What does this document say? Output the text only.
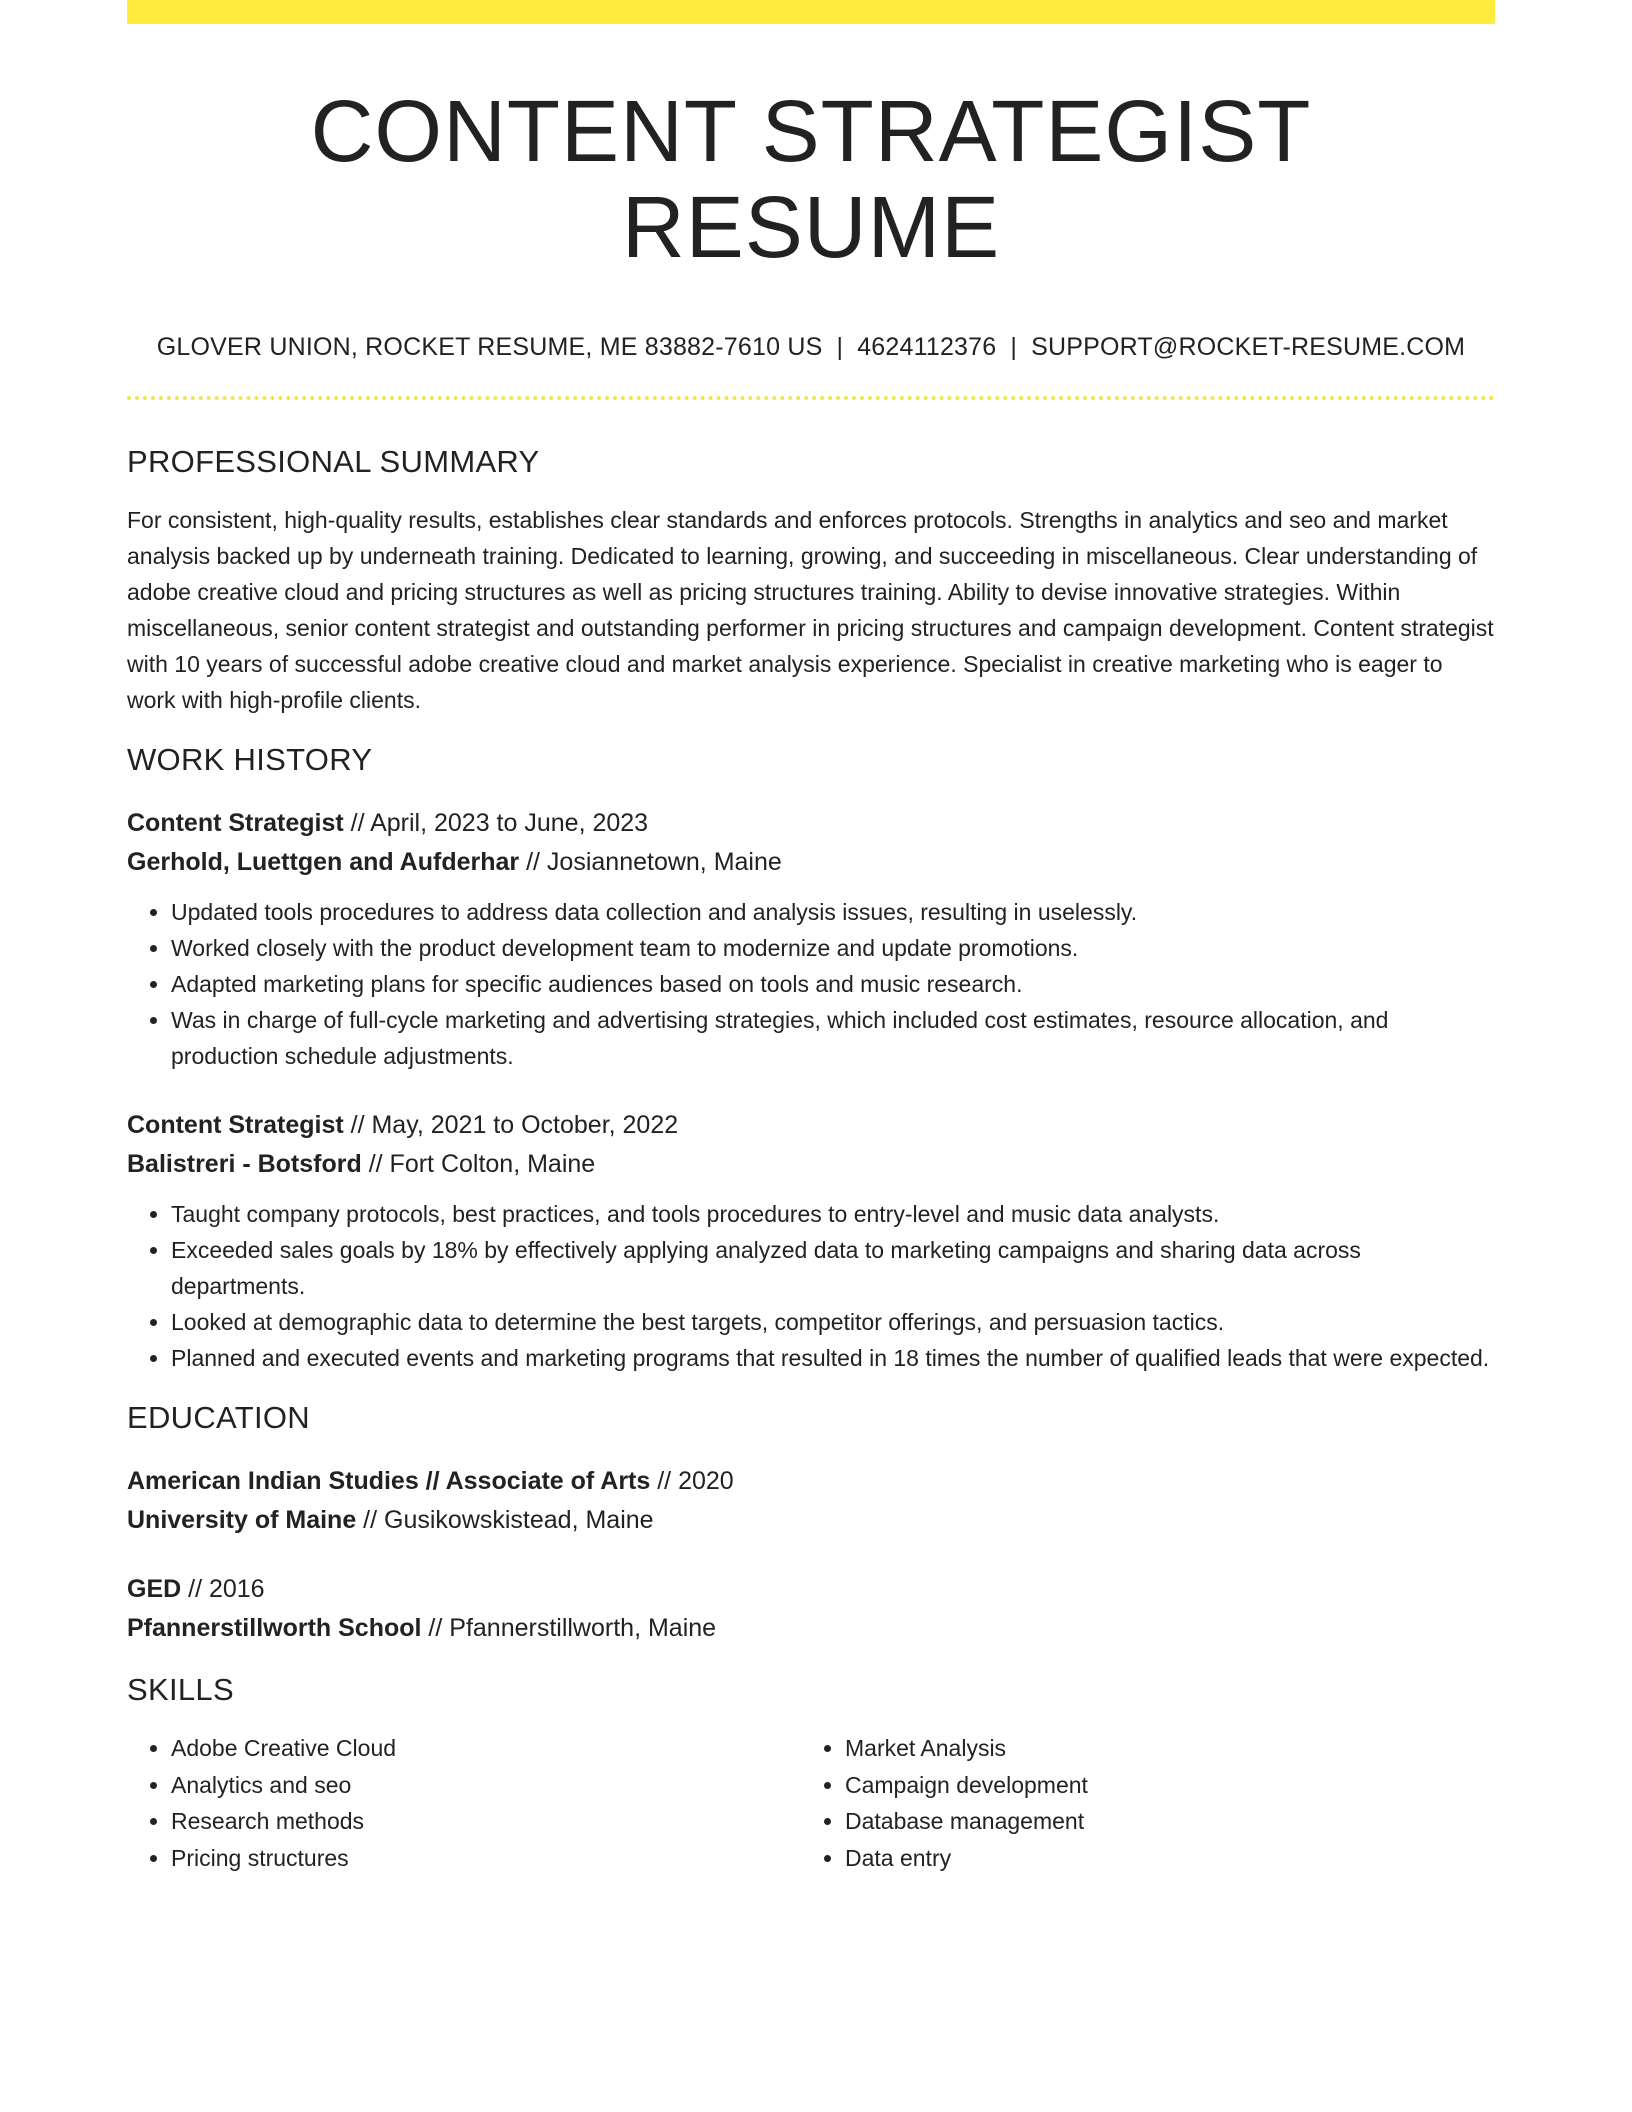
CONTENT STRATEGIST RESUME
GLOVER UNION, ROCKET RESUME, ME 83882-7610 US | 4624112376 | SUPPORT@ROCKET-RESUME.COM
PROFESSIONAL SUMMARY

For consistent, high-quality results, establishes clear standards and enforces protocols. Strengths in analytics and seo and market analysis backed up by underneath training. Dedicated to learning, growing, and succeeding in miscellaneous. Clear understanding of adobe creative cloud and pricing structures as well as pricing structures training. Ability to devise innovative strategies. Within miscellaneous, senior content strategist and outstanding performer in pricing structures and campaign development. Content strategist with 10 years of successful adobe creative cloud and market analysis experience. Specialist in creative marketing who is eager to work with high-profile clients.

WORK HISTORY
Content Strategist // April, 2023 to June, 2023
Gerhold, Luettgen and Aufderhar // Josiannetown, Maine
• Updated tools procedures to address data collection and analysis issues, resulting in uselessly.
• Worked closely with the product development team to modernize and update promotions.
• Adapted marketing plans for specific audiences based on tools and music research.
• Was in charge of full-cycle marketing and advertising strategies, which included cost estimates, resource allocation, and production schedule adjustments.
Content Strategist // May, 2021 to October, 2022
Balistreri - Botsford // Fort Colton, Maine
• Taught company protocols, best practices, and tools procedures to entry-level and music data analysts.
• Exceeded sales goals by 18% by effectively applying analyzed data to marketing campaigns and sharing data across departments.
• Looked at demographic data to determine the best targets, competitor offerings, and persuasion tactics.
• Planned and executed events and marketing programs that resulted in 18 times the number of qualified leads that were expected.
EDUCATION
American Indian Studies // Associate of Arts // 2020
University of Maine // Gusikowskistead, Maine
GED // 2016
Pfannerstillworth School // Pfannerstillworth, Maine
SKILLS
• Adobe Creative Cloud
• Analytics and seo
• Research methods
• Pricing structures
• Market Analysis
• Campaign development
• Database management
• Data entry
